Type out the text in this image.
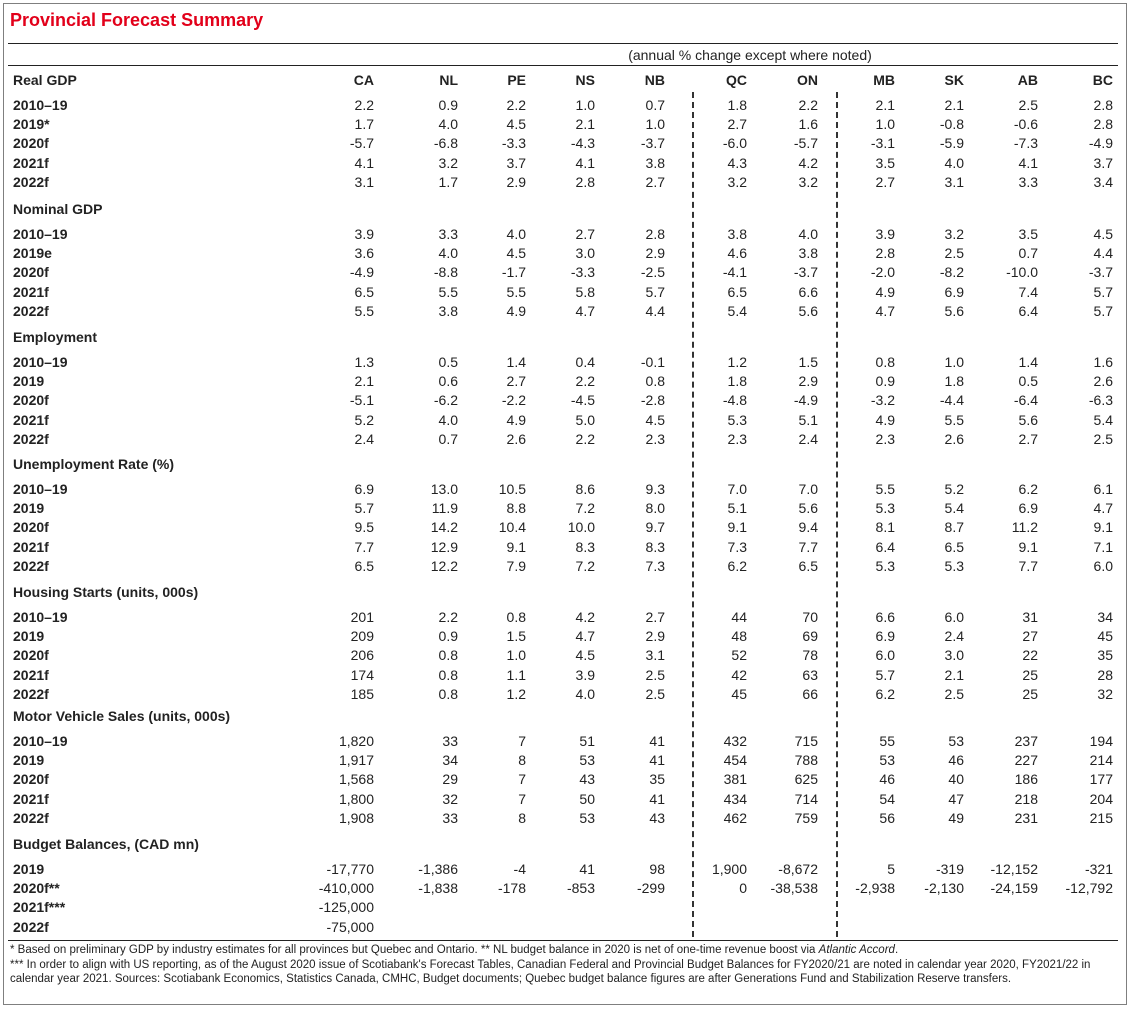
Provincial Forecast Summary
(annual % change except where noted)
CA	NL	PE	NS	NB	QC	ON	MB	SK	AB	BC
Real GDP
2010–19	2.2	0.9	2.2	1.0	0.7	1.8	2.2	2.1	2.1	2.5	2.8
2019*	1.7	4.0	4.5	2.1	1.0	2.7	1.6	1.0	-0.8	-0.6	2.8
2020f	-5.7	-6.8	-3.3	-4.3	-3.7	-6.0	-5.7	-3.1	-5.9	-7.3	-4.9
2021f	4.1	3.2	3.7	4.1	3.8	4.3	4.2	3.5	4.0	4.1	3.7
2022f	3.1	1.7	2.9	2.8	2.7	3.2	3.2	2.7	3.1	3.3	3.4
Nominal GDP
2010–19	3.9	3.3	4.0	2.7	2.8	3.8	4.0	3.9	3.2	3.5	4.5
2019e	3.6	4.0	4.5	3.0	2.9	4.6	3.8	2.8	2.5	0.7	4.4
2020f	-4.9	-8.8	-1.7	-3.3	-2.5	-4.1	-3.7	-2.0	-8.2	-10.0	-3.7
2021f	6.5	5.5	5.5	5.8	5.7	6.5	6.6	4.9	6.9	7.4	5.7
2022f	5.5	3.8	4.9	4.7	4.4	5.4	5.6	4.7	5.6	6.4	5.7
Employment
2010–19	1.3	0.5	1.4	0.4	-0.1	1.2	1.5	0.8	1.0	1.4	1.6
2019	2.1	0.6	2.7	2.2	0.8	1.8	2.9	0.9	1.8	0.5	2.6
2020f	-5.1	-6.2	-2.2	-4.5	-2.8	-4.8	-4.9	-3.2	-4.4	-6.4	-6.3
2021f	5.2	4.0	4.9	5.0	4.5	5.3	5.1	4.9	5.5	5.6	5.4
2022f	2.4	0.7	2.6	2.2	2.3	2.3	2.4	2.3	2.6	2.7	2.5
Unemployment Rate (%)
2010–19	6.9	13.0	10.5	8.6	9.3	7.0	7.0	5.5	5.2	6.2	6.1
2019	5.7	11.9	8.8	7.2	8.0	5.1	5.6	5.3	5.4	6.9	4.7
2020f	9.5	14.2	10.4	10.0	9.7	9.1	9.4	8.1	8.7	11.2	9.1
2021f	7.7	12.9	9.1	8.3	8.3	7.3	7.7	6.4	6.5	9.1	7.1
2022f	6.5	12.2	7.9	7.2	7.3	6.2	6.5	5.3	5.3	7.7	6.0
Housing Starts (units, 000s)
2010–19	201	2.2	0.8	4.2	2.7	44	70	6.6	6.0	31	34
2019	209	0.9	1.5	4.7	2.9	48	69	6.9	2.4	27	45
2020f	206	0.8	1.0	4.5	3.1	52	78	6.0	3.0	22	35
2021f	174	0.8	1.1	3.9	2.5	42	63	5.7	2.1	25	28
2022f	185	0.8	1.2	4.0	2.5	45	66	6.2	2.5	25	32
Motor Vehicle Sales (units, 000s)
2010–19	1,820	33	7	51	41	432	715	55	53	237	194
2019	1,917	34	8	53	41	454	788	53	46	227	214
2020f	1,568	29	7	43	35	381	625	46	40	186	177
2021f	1,800	32	7	50	41	434	714	54	47	218	204
2022f	1,908	33	8	53	43	462	759	56	49	231	215
Budget Balances, (CAD mn)
2019	-17,770	-1,386	-4	41	98	1,900	-8,672	5	-319	-12,152	-321
2020f**	-410,000	-1,838	-178	-853	-299	0	-38,538	-2,938	-2,130	-24,159	-12,792
2021f***	-125,000
2022f	-75,000
* Based on preliminary GDP by industry estimates for all provinces but Quebec and Ontario. ** NL budget balance in 2020 is net of one-time revenue boost via Atlantic Accord.
*** In order to align with US reporting, as of the August 2020 issue of Scotiabank's Forecast Tables, Canadian Federal and Provincial Budget Balances for FY2020/21 are noted in calendar year 2020, FY2021/22 in calendar year 2021. Sources: Scotiabank Economics, Statistics Canada, CMHC, Budget documents; Quebec budget balance figures are after Generations Fund and Stabilization Reserve transfers.
